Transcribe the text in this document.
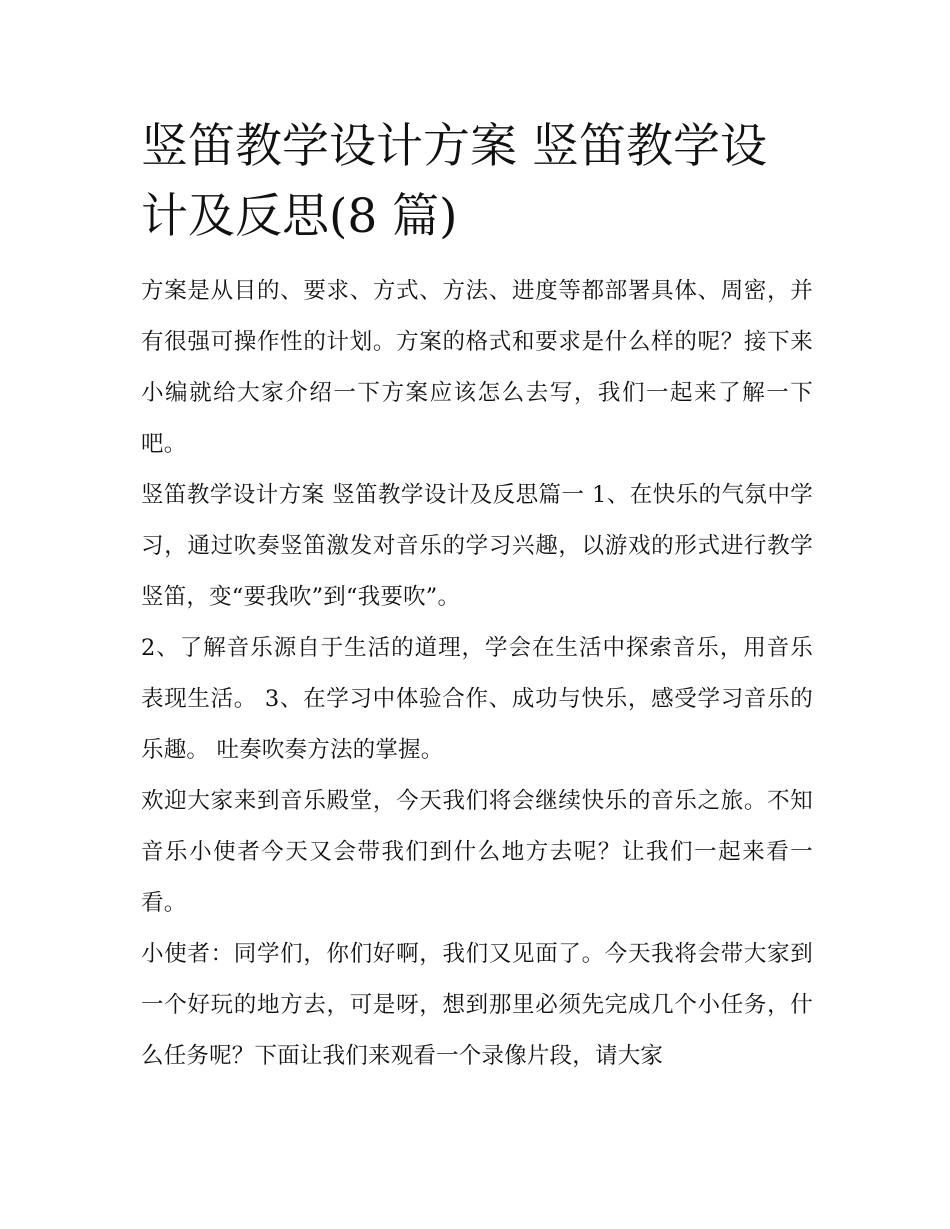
竖笛教学设计方案 竖笛教学设计及反思(8 篇)

方案是从目的、要求、方式、方法、进度等都部署具体、周密，并有很强可操作性的计划。方案的格式和要求是什么样的呢？接下来小编就给大家介绍一下方案应该怎么去写，我们一起来了解一下吧。

竖笛教学设计方案 竖笛教学设计及反思篇一 1、在快乐的气氛中学习，通过吹奏竖笛激发对音乐的学习兴趣，以游戏的形式进行教学竖笛，变“要我吹”到“我要吹”。

2、了解音乐源自于生活的道理，学会在生活中探索音乐，用音乐表现生活。 3、在学习中体验合作、成功与快乐，感受学习音乐的乐趣。 吐奏吹奏方法的掌握。

欢迎大家来到音乐殿堂，今天我们将会继续快乐的音乐之旅。不知音乐小使者今天又会带我们到什么地方去呢？让我们一起来看一看。

小使者：同学们，你们好啊，我们又见面了。今天我将会带大家到一个好玩的地方去，可是呀，想到那里必须先完成几个小任务，什么任务呢？下面让我们来观看一个录像片段，请大家
